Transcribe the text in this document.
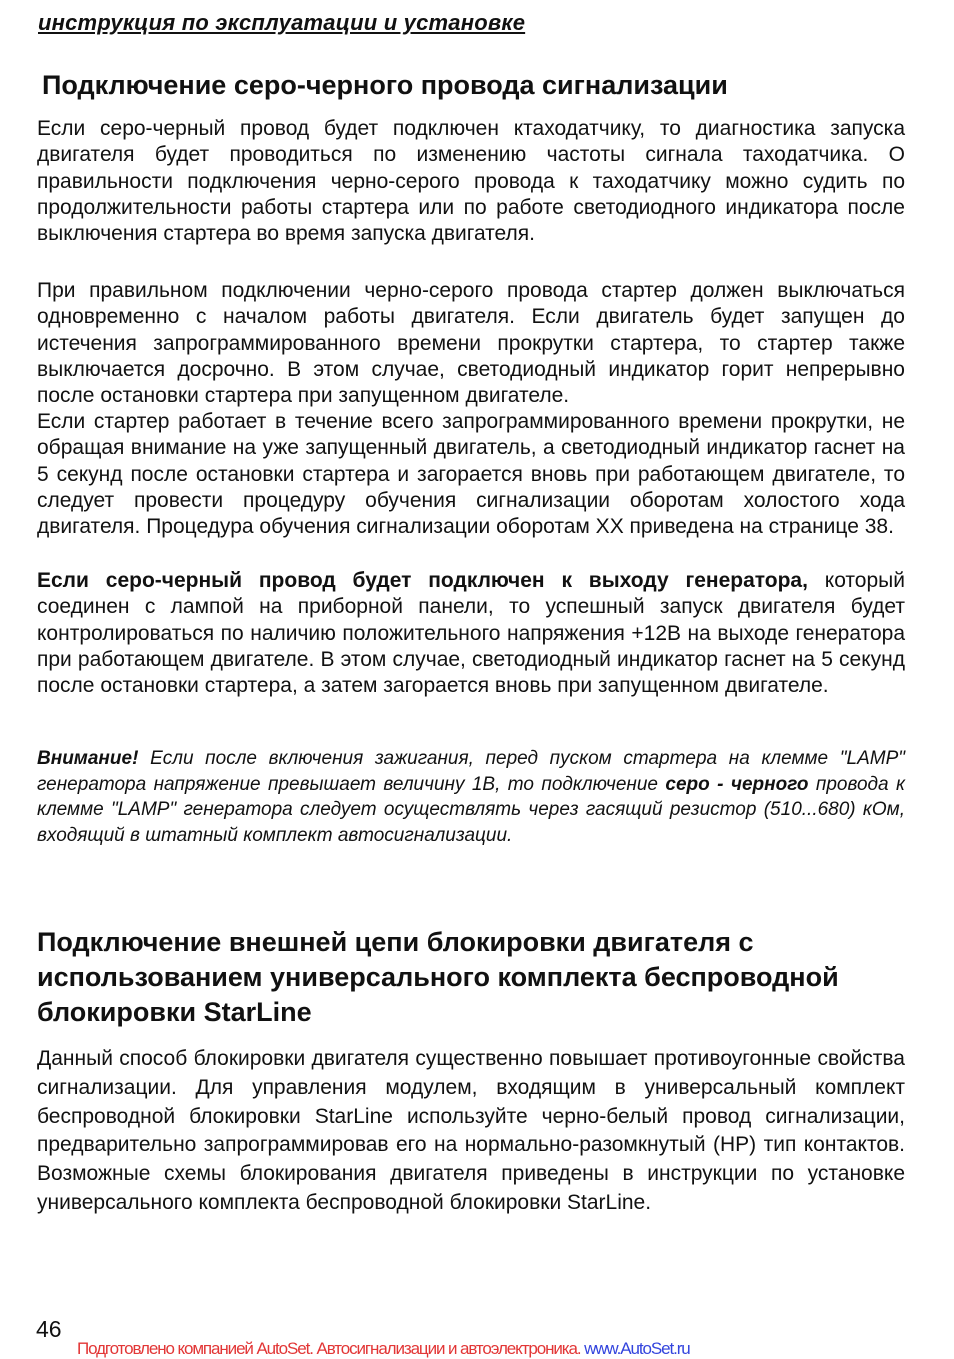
инструкция по эксплуатации и установке
Подключение серо-черного провода сигнализации

Если серо-черный провод будет подключен ктаходатчику, то диагностика запуска двигателя будет проводиться по изменению частоты сигнала таходатчика. О правильности подключения черно-серого провода к таходатчику можно судить по продолжительности работы стартера или по работе светодиодного индикатора после выключения стартера во время запуска двигателя.

При правильном подключении черно-серого провода стартер должен выключаться одновременно с началом работы двигателя. Если двигатель будет запущен до истечения запрограммированного времени прокрутки стартера, то стартер также выключается досрочно. В этом случае, светодиодный индикатор горит непрерывно после остановки стартера при запущенном двигателе.

Если стартер работает в течение всего запрограммированного времени прокрутки, не обращая внимание на уже запущенный двигатель, а светодиодный индикатор гаснет на 5 секунд после остановки стартера и загорается вновь при работающем двигателе, то следует провести процедуру обучения сигнализации оборотам холостого хода двигателя. Процедура обучения сигнализации оборотам ХХ приведена на странице 38.

Если серо-черный провод будет подключен к выходу генератора, который соединен с лампой на приборной панели, то успешный запуск двигателя будет контролироваться по наличию положительного напряжения +12В на выходе генератора при работающем двигателе. В этом случае, светодиодный индикатор гаснет на 5 секунд после остановки стартера, а затем загорается вновь при запущенном двигателе.

Внимание! Если после включения зажигания, перед пуском стартера на клемме "LAMP" генератора напряжение превышает величину 1В, то подключение серо - черного провода к клемме "LAMP" генератора следует осуществлять через гасящий резистор (510...680) кОм, входящий в штатный комплект автосигнализации.

Подключение внешней цепи блокировки двигателя с использованием универсального комплекта беспроводной блокировки StarLine

Данный способ блокировки двигателя существенно повышает противоугонные свойства сигнализации. Для управления модулем, входящим в универсальный комплект беспроводной блокировки StarLine используйте черно-белый провод сигнализации, предварительно запрограммировав его на нормально-разомкнутый (НР) тип контактов. Возможные схемы блокирования двигателя приведены в инструкции по установке универсального комплекта беспроводной блокировки StarLine.

46
Подготовлено компанией AutoSet. Автосигнализации и автоэлектроника. www.AutoSet.ru
